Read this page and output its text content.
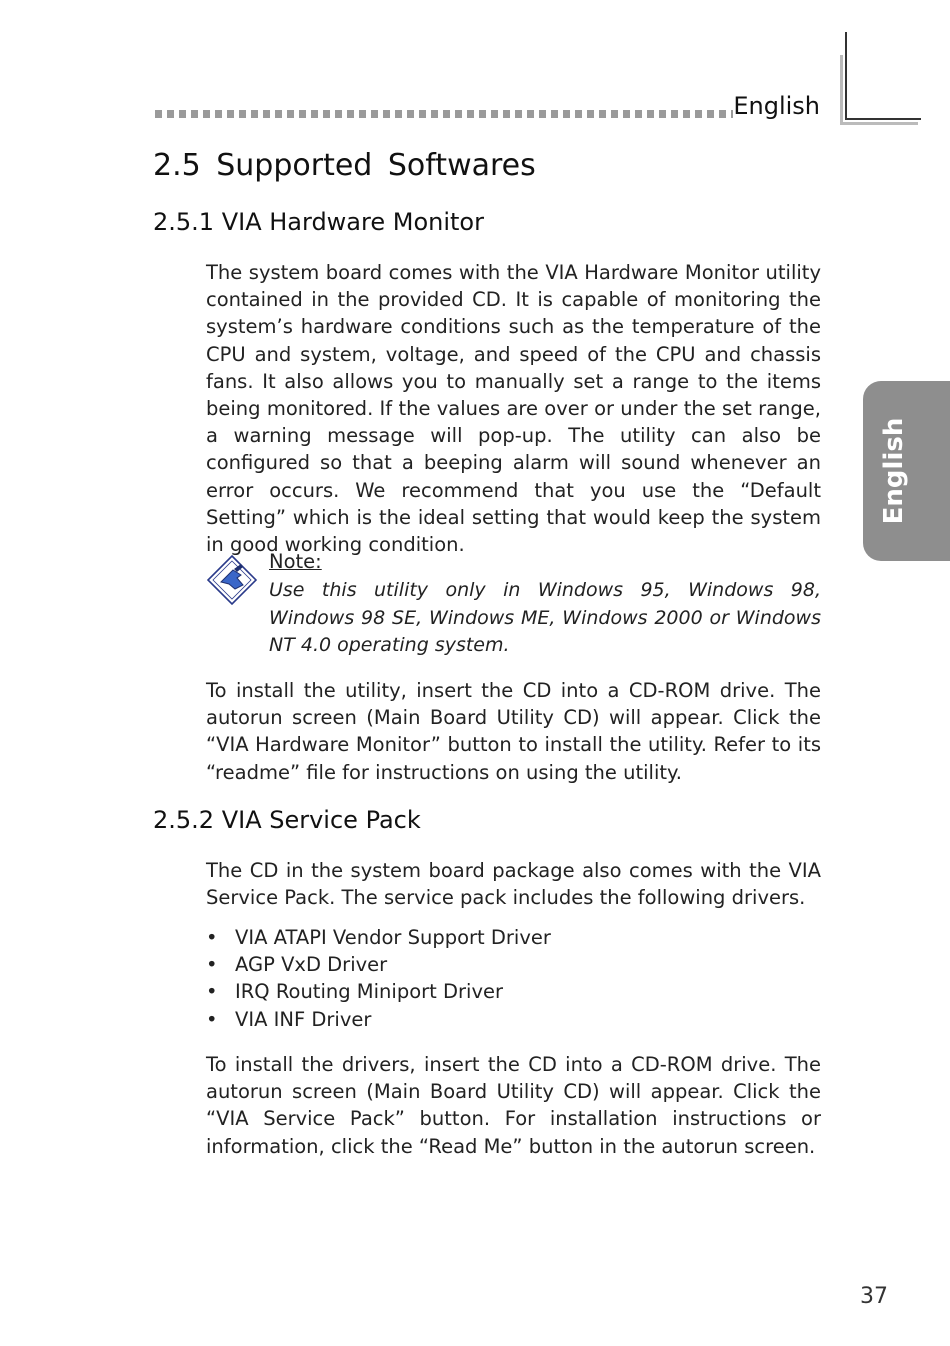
English
English
2.5 Supported Softwares
2.5.1 VIA Hardware Monitor

The system board comes with the VIA Hardware Monitor utility contained in the provided CD. It is capable of monitoring the system’s hardware conditions such as the temperature of the CPU and system, voltage, and speed of the CPU and chassis fans. It also allows you to manually set a range to the items being monitored. If the values are over or under the set range, a warning message will pop-up. The utility can also be configured so that a beeping alarm will sound whenever an error occurs. We recommend that you use the “Default Setting” which is the ideal setting that would keep the system in good working condition.

Note:

Use this utility only in Windows 95, Windows 98, Windows 98 SE, Windows ME, Windows 2000 or Windows NT 4.0 operating system.

To install the utility, insert the CD into a CD-ROM drive. The autorun screen (Main Board Utility CD) will appear. Click the “VIA Hardware Monitor” button to install the utility. Refer to its “readme” file for instructions on using the utility.

2.5.2 VIA Service Pack

The CD in the system board package also comes with the VIA Service Pack. The service pack includes the following drivers.

• VIA ATAPI Vendor Support Driver
• AGP VxD Driver
• IRQ Routing Miniport Driver
• VIA INF Driver

To install the drivers, insert the CD into a CD-ROM drive. The autorun screen (Main Board Utility CD) will appear. Click the “VIA Service Pack” button. For installation instructions or information, click the “Read Me” button in the autorun screen.

37
